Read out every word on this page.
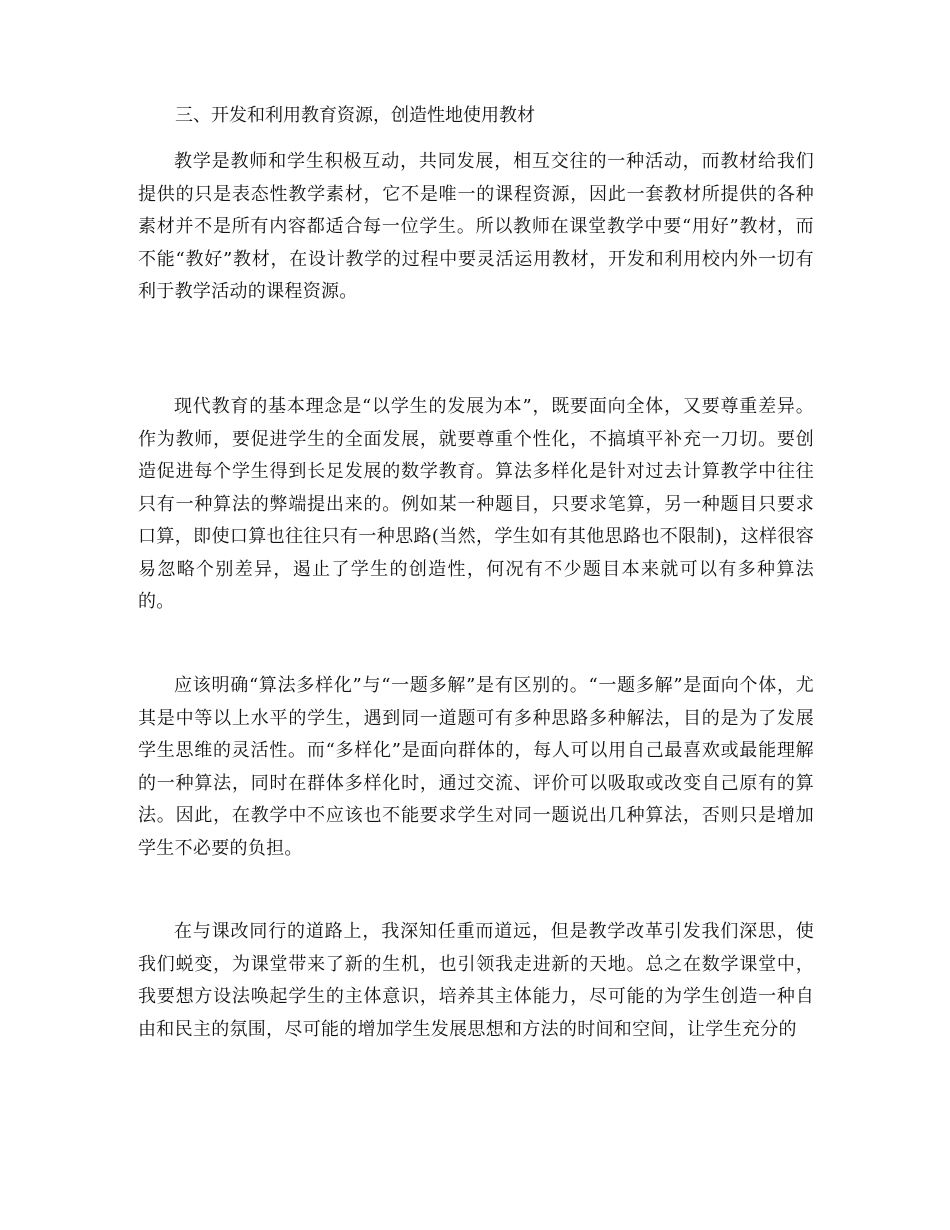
三、开发和利用教育资源，创造性地使用教材

教学是教师和学生积极互动，共同发展，相互交往的一种活动，而教材给我们提供的只是表态性教学素材，它不是唯一的课程资源，因此一套教材所提供的各种素材并不是所有内容都适合每一位学生。所以教师在课堂教学中要“用好”教材，而不能“教好”教材，在设计教学的过程中要灵活运用教材，开发和利用校内外一切有利于教学活动的课程资源。

现代教育的基本理念是“以学生的发展为本”，既要面向全体，又要尊重差异。作为教师，要促进学生的全面发展，就要尊重个性化，不搞填平补充一刀切。要创造促进每个学生得到长足发展的数学教育。算法多样化是针对过去计算教学中往往只有一种算法的弊端提出来的。例如某一种题目，只要求笔算，另一种题目只要求口算，即使口算也往往只有一种思路(当然，学生如有其他思路也不限制)，这样很容易忽略个别差异，遏止了学生的创造性，何况有不少题目本来就可以有多种算法的。

应该明确“算法多样化”与“一题多解”是有区别的。“一题多解”是面向个体，尤其是中等以上水平的学生，遇到同一道题可有多种思路多种解法，目的是为了发展学生思维的灵活性。而“多样化”是面向群体的，每人可以用自己最喜欢或最能理解的一种算法，同时在群体多样化时，通过交流、评价可以吸取或改变自己原有的算法。因此，在教学中不应该也不能要求学生对同一题说出几种算法，否则只是增加学生不必要的负担。

在与课改同行的道路上，我深知任重而道远，但是教学改革引发我们深思，使我们蜕变，为课堂带来了新的生机，也引领我走进新的天地。总之在数学课堂中，我要想方设法唤起学生的主体意识，培养其主体能力，尽可能的为学生创造一种自由和民主的氛围，尽可能的增加学生发展思想和方法的时间和空间，让学生充分的
